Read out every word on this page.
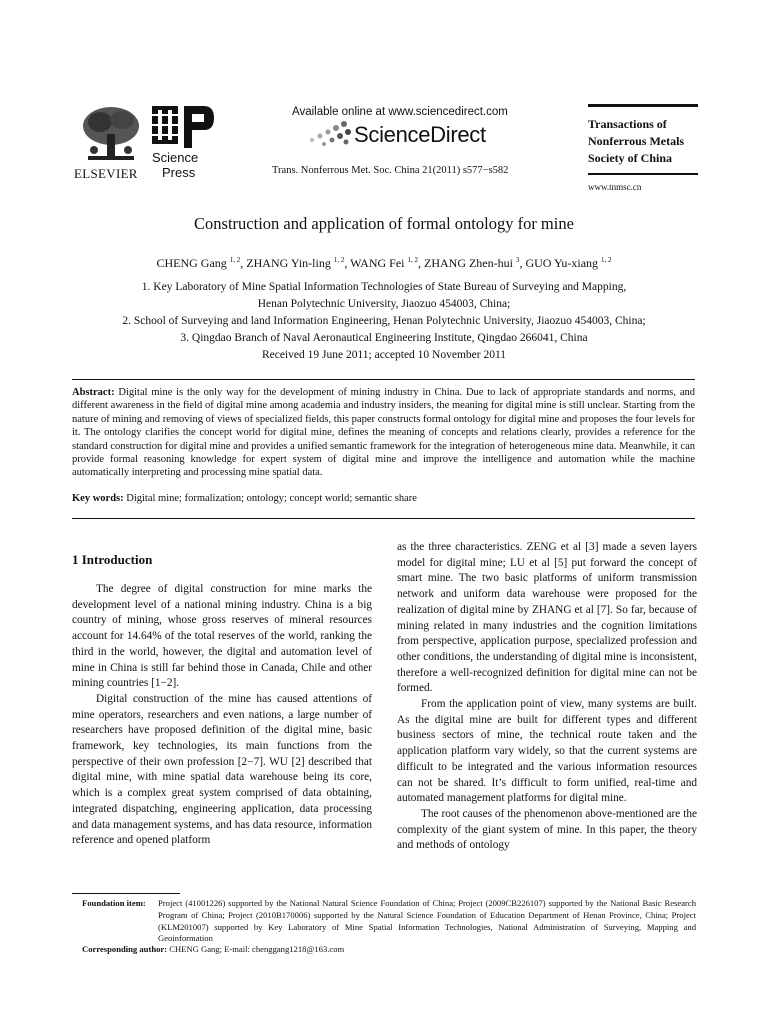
ELSEVIER
Science
Press
Available online at www.sciencedirect.com
ScienceDirect
Trans. Nonferrous Met. Soc. China 21(2011) s577−s582
Transactions of
Nonferrous Metals
Society of China
www.tnmsc.cn
Construction and application of formal ontology for mine
CHENG Gang $^{1, 2}$, ZHANG Yin-ling $^{1, 2}$, WANG Fei $^{1, 2}$, ZHANG Zhen-hui $^3$, GUO Yu-xiang $^{1, 2}$
1. Key Laboratory of Mine Spatial Information Technologies of State Bureau of Surveying and Mapping,
Henan Polytechnic University, Jiaozuo 454003, China;
2. School of Surveying and land Information Engineering, Henan Polytechnic University, Jiaozuo 454003, China;
3. Qingdao Branch of Naval Aeronautical Engineering Institute, Qingdao 266041, China
Received 19 June 2011; accepted 10 November 2011
Abstract: Digital mine is the only way for the development of mining industry in China. Due to lack of appropriate standards and norms, and different awareness in the field of digital mine among academia and industry insiders, the meaning for digital mine is still unclear. Starting from the nature of mining and removing of views of specialized fields, this paper constructs formal ontology for digital mine and proposes the four levels for it. The ontology clarifies the concept world for digital mine, defines the meaning of concepts and relations clearly, provides a reference for the standard construction for digital mine and provides a unified semantic framework for the integration of heterogeneous mine data. Meanwhile, it can provide formal reasoning knowledge for expert system of digital mine and improve the intelligence and automation while the machine automatically interpreting and processing mine spatial data.
Key words: Digital mine; formalization; ontology; concept world; semantic share
1 Introduction

The degree of digital construction for mine marks the development level of a national mining industry. China is a big country of mining, whose gross reserves of mineral resources account for 14.64% of the total reserves of the world, ranking the third in the world, however, the digital and automation level of mine in China is still far behind those in Canada, Chile and other mining countries [1−2].

Digital construction of the mine has caused attentions of mine operators, researchers and even nations, a large number of researchers have proposed definition of the digital mine, basic framework, key technologies, its main functions from the perspective of their own profession [2−7]. WU [2] described that digital mine, with mine spatial data warehouse being its core, which is a complex great system comprised of data obtaining, integrated dispatching, engineering application, data processing and data management systems, and has data resource, information reference and opened platform

as the three characteristics. ZENG et al [3] made a seven layers model for digital mine; LU et al [5] put forward the concept of smart mine. The two basic platforms of uniform transmission network and uniform data warehouse were proposed for the realization of digital mine by ZHANG et al [7]. So far, because of mining related in many industries and the cognition limitations from perspective, application purpose, specialized profession and other conditions, the understanding of digital mine is inconsistent, therefore a well-recognized definition for digital mine can not be formed.

From the application point of view, many systems are built. As the digital mine are built for different types and different business sectors of mine, the technical route taken and the application platform vary widely, so that the current systems are difficult to be integrated and the various information resources can not be shared. It’s difficult to form unified, real-time and automated management platforms for digital mine.

The root causes of the phenomenon above-mentioned are the complexity of the giant system of mine. In this paper, the theory and methods of ontology

Foundation item: Project (41001226) supported by the National Natural Science Foundation of China; Project (2009CB226107) supported by the National Basic Research Program of China; Project (2010B170006) supported by the Natural Science Foundation of Education Department of Henan Province, China; Project (KLM201007) supported by Key Laboratory of Mine Spatial Information Technologies, National Administration of Surveying, Mapping and Geoinformation
Corresponding author: CHENG Gang; E-mail: chenggang1218@163.com
